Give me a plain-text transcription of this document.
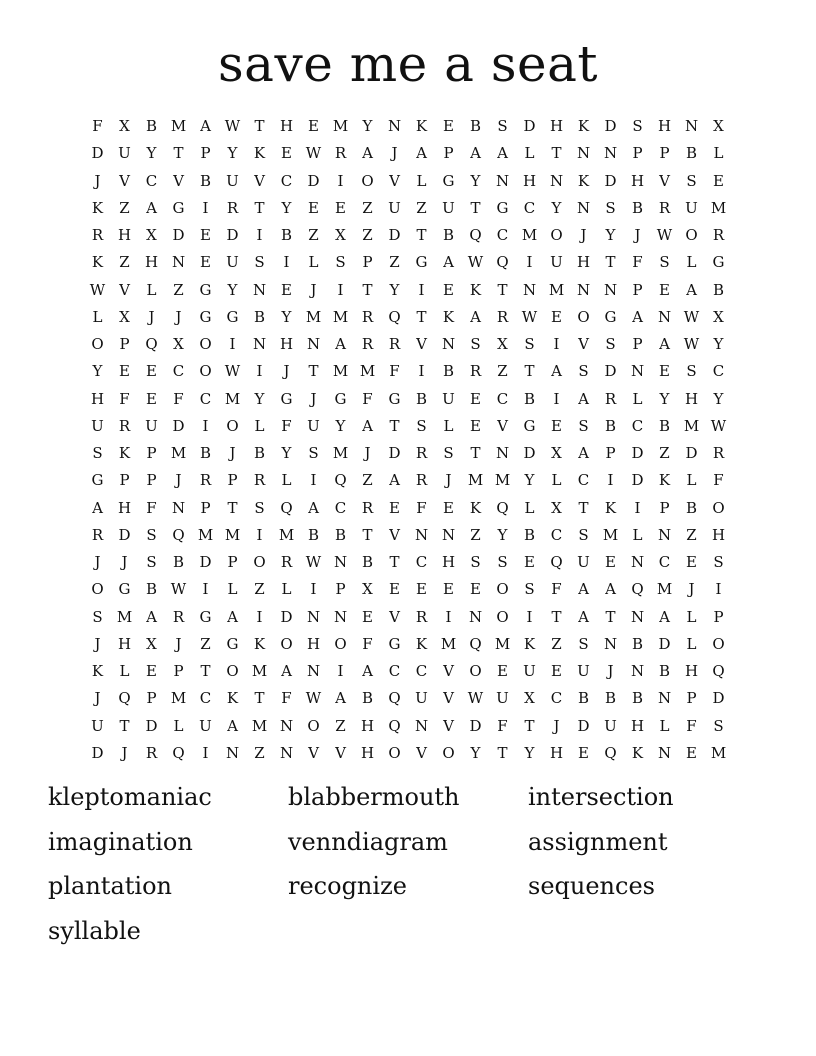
save me a seat
F	X	B M A W T	H E M Y	N K	E	B	S	D H K	D	S	H N	X
D U	Y	T	P	Y	K	E W R	A	J	A	P	A	A	L	T	N N	P	P	B	L
J	V	C	V	B	U	V	C	D	I	O	V	L	G	Y	N H N K	D H	V	S	E
K	Z	A	G	I	R	T	Y	E	E	Z	U	Z	U	T	G	C	Y	N	S	B	R	U M
R H	X	D	E	D	I	B	Z	X	Z	D	T	B	Q	C M O	J	Y	J	W O	R
K	Z	H N E	U	S	I	L	S	P	Z	G	A W Q	I	U H	T	F	S	L	G
W V	L	Z	G	Y	N E	J	I	T	Y	I	E	K	T	N M N N	P	E	A	B
L	X	J	J	G	G	B	Y M M R	Q	T	K	A	R W E	O G	A	N W X
O	P	Q	X	O	I	N H N	A	R	R	V	N	S	X	S	I	V	S	P	A W Y
Y	E	E	C	O W	I	J	T M M F	I	B	R	Z	T	A	S	D N E	S	C
H	F	E	F	C M Y	G	J	G	F	G	B	U	E	C	B	I	A	R	L	Y	H	Y
U	R	U D	I	O	L	F	U	Y	A	T	S	L	E	V	G	E	S	B	C	B M W
S	K	P M B	J	B	Y	S M	J	D	R	S	T	N D	X	A	P	D	Z	D	R
G	P	P	J	R	P	R	L	I	Q	Z	A	R	J	M M Y	L	C	I	D	K	L	F
A	H	F	N	P	T	S	Q	A	C	R	E	F	E	K	Q	L	X	T	K	I	P	B	O
R	D	S	Q M M	I	M B	B	T	V	N N	Z	Y	B	C	S M L	N	Z	H
J	J	S	B	D	P	O	R W N B	T	C H	S	S	E	Q U	E N C	E	S
O G	B W	I	L	Z	L	I	P	X	E	E	E	E	O	S	F	A	A	Q M	J	I
S M A	R	G	A	I	D N N E	V	R	I	N O	I	T	A	T	N	A	L	P
J	H	X	J	Z	G	K	O H O	F	G	K M Q M K	Z	S	N B	D	L	O
K	L	E	P	T	O M A	N	I	A	C	C	V	O	E	U	E	U	J	N B H Q
J	Q	P M C	K	T	F W A	B	Q U	V W U	X	C	B	B	B N	P	D
U	T	D	L	U	A M N O	Z	H Q N	V	D	F	T	J	D U H	L	F	S
D	J	R	Q	I	N	Z	N	V	V	H O	V	O	Y	T	Y	H E	Q	K N E M
kleptomaniac	blabbermouth	intersection
imagination	venndiagram	assignment
plantation	recognize	sequences
syllable
